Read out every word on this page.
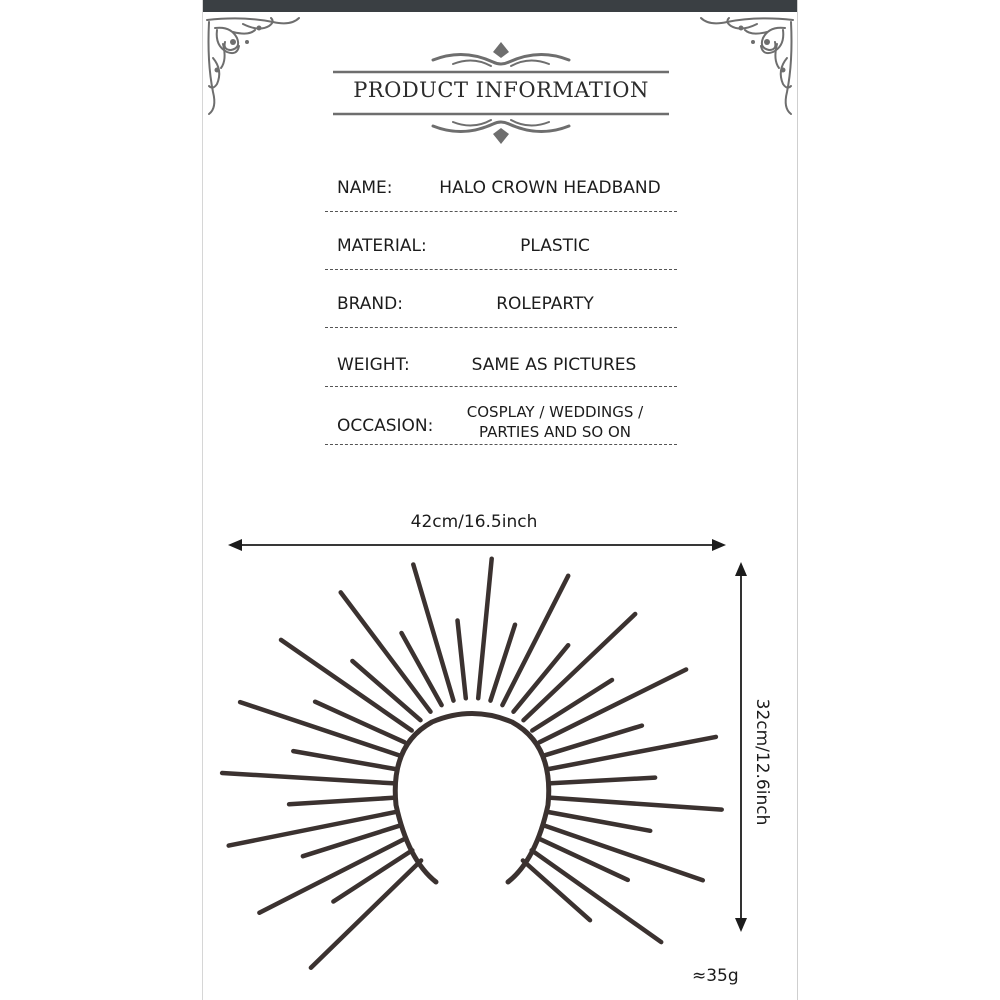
PRODUCT INFORMATION
NAME:	HALO CROWN HEADBAND
MATERIAL:	PLASTIC
BRAND:	ROLEPARTY
WEIGHT:	SAME AS PICTURES
OCCASION:
COSPLAY / WEDDINGS /
PARTIES AND SO ON
42cm/16.5inch
32cm/12.6inch
≈35g
